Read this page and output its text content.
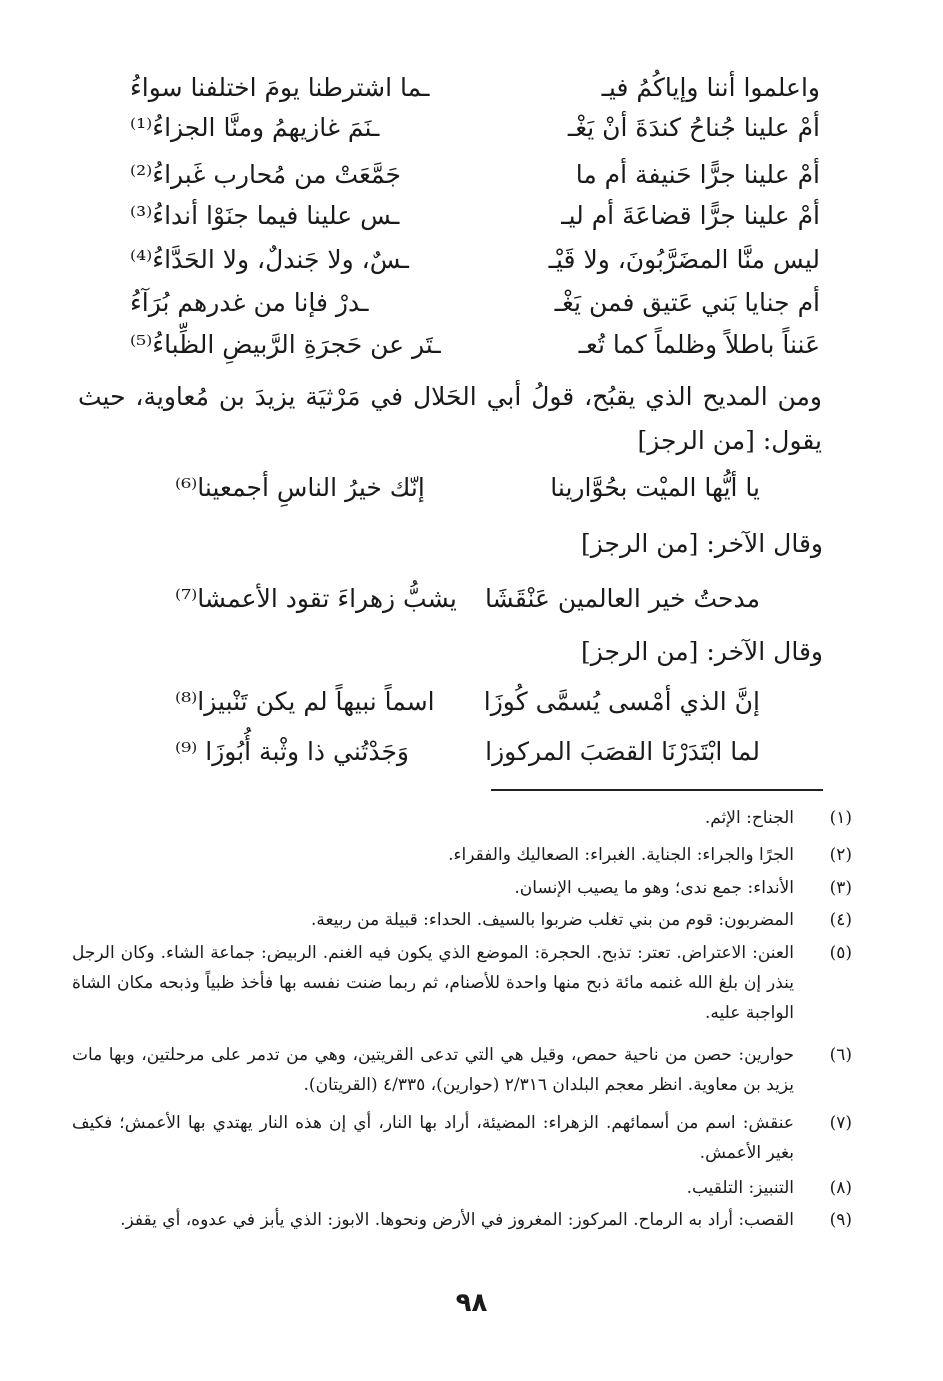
واعلموا أننا وإياكُمُ فيـ
ـما اشترطنا يومَ اختلفنا سواءُ
أمْ علينا جُناحُ كندَةَ أنْ يَغْـ
ـنَمَ غازيهمُ ومنَّا الجزاءُ⁽¹⁾
أمْ علينا جرًّا حَنيفة أم ما
جَمَّعَتْ من مُحارب غَبراءُ⁽²⁾
أمْ علينا جرًّا قضاعَةَ أم ليـ
ـس علينا فيما جنَوْا أنداءُ⁽³⁾
ليس منَّا المضَرَّبُونَ، ولا قَيْـ
ـسٌ، ولا جَندلٌ، ولا الحَدَّاءُ⁽⁴⁾
أم جنايا بَني عَتيق فمن يَغْـ
ـدرْ فإنا من غدرهم بُرَآءُ
عَنناً باطلاً وظلماً كما تُعـ
ـتَر عن حَجرَةِ الرَّبيضِ الظِّباءُ⁽⁵⁾
ومن المديح الذي يقبُح، قولُ أبي الحَلال في مَرْثيَة يزيدَ بن مُعاوية، حيث يقول: [من الرجز]
يا أيُّها الميْت بحُوَّارينا
إنّك خيرُ الناسِ أجمعينا⁽⁶⁾
وقال الآخر: [من الرجز]
مدحتُ خير العالمين عَنْقَشَا
يشبُّ زهراءَ تقود الأعمشا⁽⁷⁾
وقال الآخر: [من الرجز]
إنَّ الذي أمْسى يُسمَّى كُوزَا
اسماً نبيهاً لم يكن تَنْبيزا⁽⁸⁾
لما ابْتَدَرْنَا القصَبَ المركوزا
وَجَدْتُني ذا وثْبة أُبُوزَا ⁽⁹⁾
(١)
الجناح: الإثم.
(٢)
الجرًا والجراء: الجناية. الغبراء: الصعاليك والفقراء.
(٣)
الأنداء: جمع ندى؛ وهو ما يصيب الإنسان.
(٤)
المضربون: قوم من بني تغلب ضربوا بالسيف. الحداء: قبيلة من ربيعة.
(٥)
العنن: الاعتراض. تعتر: تذبح. الحجرة: الموضع الذي يكون فيه الغنم. الربيض: جماعة الشاء. وكان الرجل ينذر إن بلغ الله غنمه مائة ذبح منها واحدة للأصنام، ثم ربما ضنت نفسه بها فأخذ ظبياً وذبحه مكان الشاة الواجبة عليه.
(٦)
حوارين: حصن من ناحية حمص، وقيل هي التي تدعى القريتين، وهي من تدمر على مرحلتين، وبها مات يزيد بن معاوية. انظر معجم البلدان ٢/٣١٦ (حوارين)، ٤/٣٣٥ (القريتان).
(٧)
عنقش: اسم من أسمائهم. الزهراء: المضيئة، أراد بها النار، أي إن هذه النار يهتدي بها الأعمش؛ فكيف بغير الأعمش.
(٨)
التنبيز: التلقيب.
(٩)
القصب: أراد به الرماح. المركوز: المغروز في الأرض ونحوها. الابوز: الذي يأبز في عدوه، أي يقفز.
٩٨
